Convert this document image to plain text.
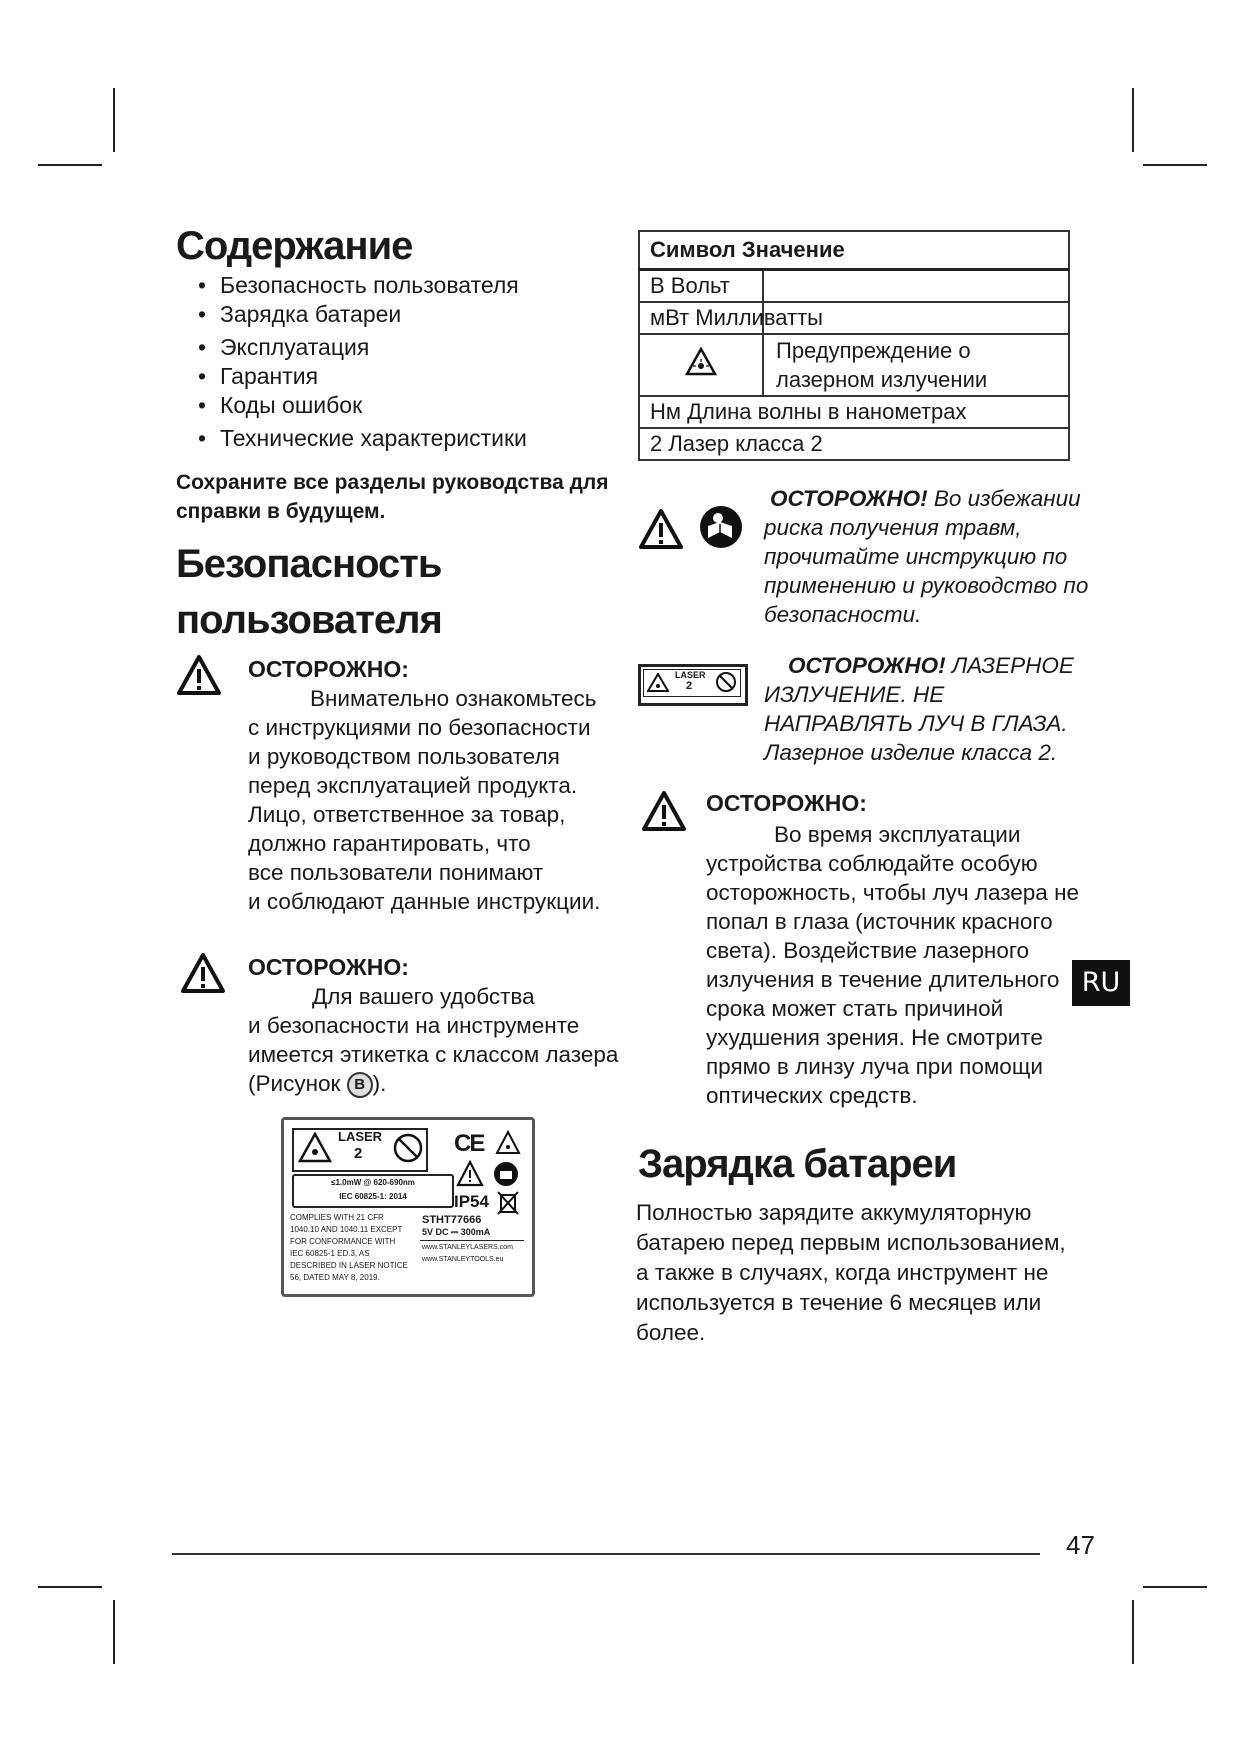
Содержание
• Безопасность пользователя
• Зарядка батареи
• Эксплуатация
• Гарантия
• Коды ошибок
• Технические характеристики
Сохраните все разделы руководства для
справки в будущем.
Безопасность
пользователя
ОСТОРОЖНО:
Внимательно ознакомьтесь
с инструкциями по безопасности
и руководством пользователя
перед эксплуатацией продукта.
Лицо, ответственное за товар,
должно гарантировать, что
все пользователи понимают
и соблюдают данные инструкции.
ОСТОРОЖНО:
Для вашего удобства
и безопасности на инструменте
имеется этикетка с классом лазера
(Рисунок B ).
LASER
2	CE
≤1.0mW @ 620-690nm
IEC 60825-1: 2014	IP54
COMPLIES WITH 21 CFR
1040.10 AND 1040.11 EXCEPT
FOR CONFORMANCE WITH
IEC 60825-1 ED.3, AS
DESCRIBED IN LASER NOTICE
56, DATED MAY 8, 2019.
STHT77666
5V DC ⎓ 300mA
www.STANLEYLASERS.com
www.STANLEYTOOLS.eu
Символ Значение
В Вольт
мВт Милливатты

Предупреждение о
лазерном излучении

Нм Длина волны в нанометрах
2 Лазер класса 2
ОСТОРОЖНО! Во избежании
риска получения травм,
прочитайте инструкцию по
применению и руководство по
безопасности.
LASER
2
ОСТОРОЖНО! ЛАЗЕРНОЕ
ИЗЛУЧЕНИЕ. НЕ
НАПРАВЛЯТЬ ЛУЧ В ГЛАЗА.
Лазерное изделие класса 2.
ОСТОРОЖНО:
Во время эксплуатации
устройства соблюдайте особую
осторожность, чтобы луч лазера не
попал в глаза (источник красного
света). Воздействие лазерного
излучения в течение длительного
срока может стать причиной
ухудшения зрения. Не смотрите
прямо в линзу луча при помощи
оптических средств.
Зарядка батареи
Полностью зарядите аккумуляторную
батарею перед первым использованием,
а также в случаях, когда инструмент не
используется в течение 6 месяцев или
более.
RU
47
